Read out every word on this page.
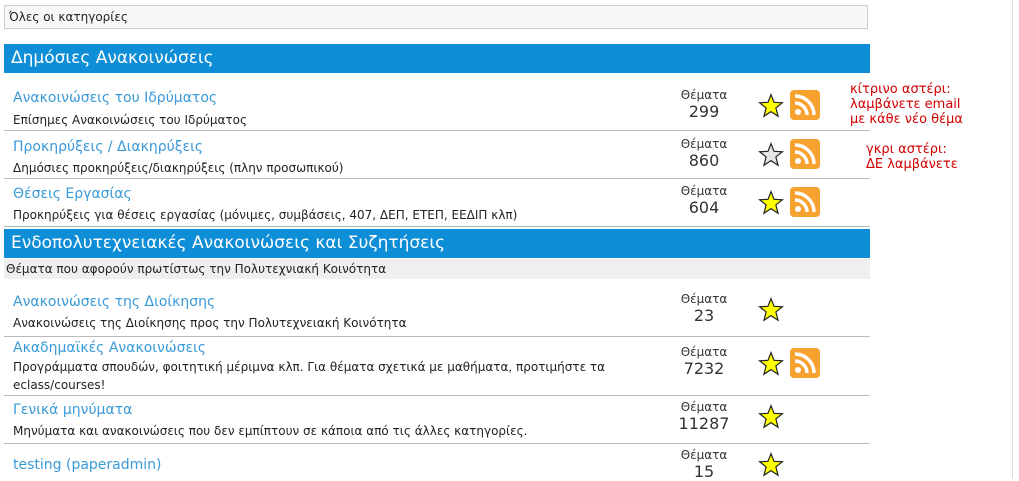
Όλες οι κατηγορίες
Δημόσιες Ανακοινώσεις
Ανακοινώσεις του Ιδρύματος
Επίσημες Ανακοινώσεις του Ιδρύματος
Θέματα
299
Προκηρύξεις / Διακηρύξεις
Δημόσιες προκηρύξεις/διακηρύξεις (πλην προσωπικού)
Θέματα
860
Θέσεις Εργασίας
Προκηρύξεις για θέσεις εργασίας (μόνιμες, συμβάσεις, 407, ΔΕΠ, ΕΤΕΠ, ΕΕΔΙΠ κλπ)
Θέματα
604
Ενδοπολυτεχνειακές Ανακοινώσεις και Συζητήσεις
Θέματα που αφορούν πρωτίστως την Πολυτεχνιακή Κοινότητα
Ανακοινώσεις της Διοίκησης
Ανακοινώσεις της Διοίκησης προς την Πολυτεχνειακή Κοινότητα
Θέματα
23
Ακαδημαϊκές Ανακοινώσεις
Προγράμματα σπουδών, φοιτητική μέριμνα κλπ. Για θέματα σχετικά με μαθήματα, προτιμήστε τα eclass/courses!
Θέματα
7232
Γενικά μηνύματα
Μηνύματα και ανακοινώσεις που δεν εμπίπτουν σε κάποια από τις άλλες κατηγορίες.
Θέματα
11287
testing (paperadmin)
Θέματα
15
κίτρινο αστέρι:
λαμβάνετε email
με κάθε νέο θέμα
γκρι αστέρι:
ΔΕ λαμβάνετε
